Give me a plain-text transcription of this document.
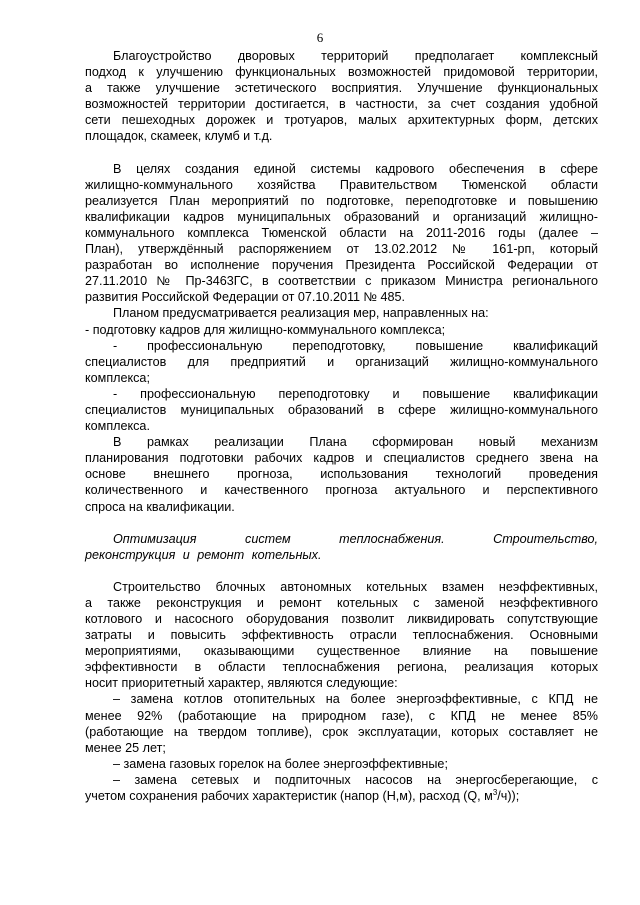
6

Благоустройство дворовых территорий предполагает комплексный
подход к улучшению функциональных возможностей придомовой территории,
а также улучшение эстетического восприятия. Улучшение функциональных
возможностей территории достигается, в частности, за счет создания удобной
сети пешеходных дорожек и тротуаров, малых архитектурных форм, детских
площадок, скамеек, клумб и т.д.

В целях создания единой системы кадрового обеспечения в сфере
жилищно-коммунального хозяйства Правительством Тюменской области
реализуется План мероприятий по подготовке, переподготовке и повышению
квалификации кадров муниципальных образований и организаций жилищно-
коммунального комплекса Тюменской области на 2011-2016 годы (далее –
План), утверждённый распоряжением от 13.02.2012 № 161-рп, который
разработан во исполнение поручения Президента Российской Федерации от
27.11.2010 № Пр-3463ГС, в соответствии с приказом Министра регионального
развития Российской Федерации от 07.10.2011 № 485.

Планом предусматривается реализация мер, направленных на:

- подготовку кадров для жилищно-коммунального комплекса;

- профессиональную переподготовку, повышение квалификаций
специалистов для предприятий и организаций жилищно-коммунального
комплекса;

- профессиональную переподготовку и повышение квалификации
специалистов муниципальных образований в сфере жилищно-коммунального
комплекса.

В рамках реализации Плана сформирован новый механизм
планирования подготовки рабочих кадров и специалистов среднего звена на
основе внешнего прогноза, использования технологий проведения
количественного и качественного прогноза актуального и перспективного
спроса на квалификации.

Оптимизация систем теплоснабжения. Строительство,
реконструкция и ремонт котельных.

Строительство блочных автономных котельных взамен неэффективных,
а также реконструкция и ремонт котельных с заменой неэффективного
котлового и насосного оборудования позволит ликвидировать сопутствующие
затраты и повысить эффективность отрасли теплоснабжения. Основными
мероприятиями, оказывающими существенное влияние на повышение
эффективности в области теплоснабжения региона, реализация которых
носит приоритетный характер, являются следующие:

– замена котлов отопительных на более энергоэффективные, с КПД не
менее 92% (работающие на природном газе), с КПД не менее 85%
(работающие на твердом топливе), срок эксплуатации, которых составляет не
менее 25 лет;

– замена газовых горелок на более энергоэффективные;

– замена сетевых и подпиточных насосов на энергосберегающие, с
учетом сохранения рабочих характеристик (напор (Н,м), расход (Q, $м^3/ч$));
